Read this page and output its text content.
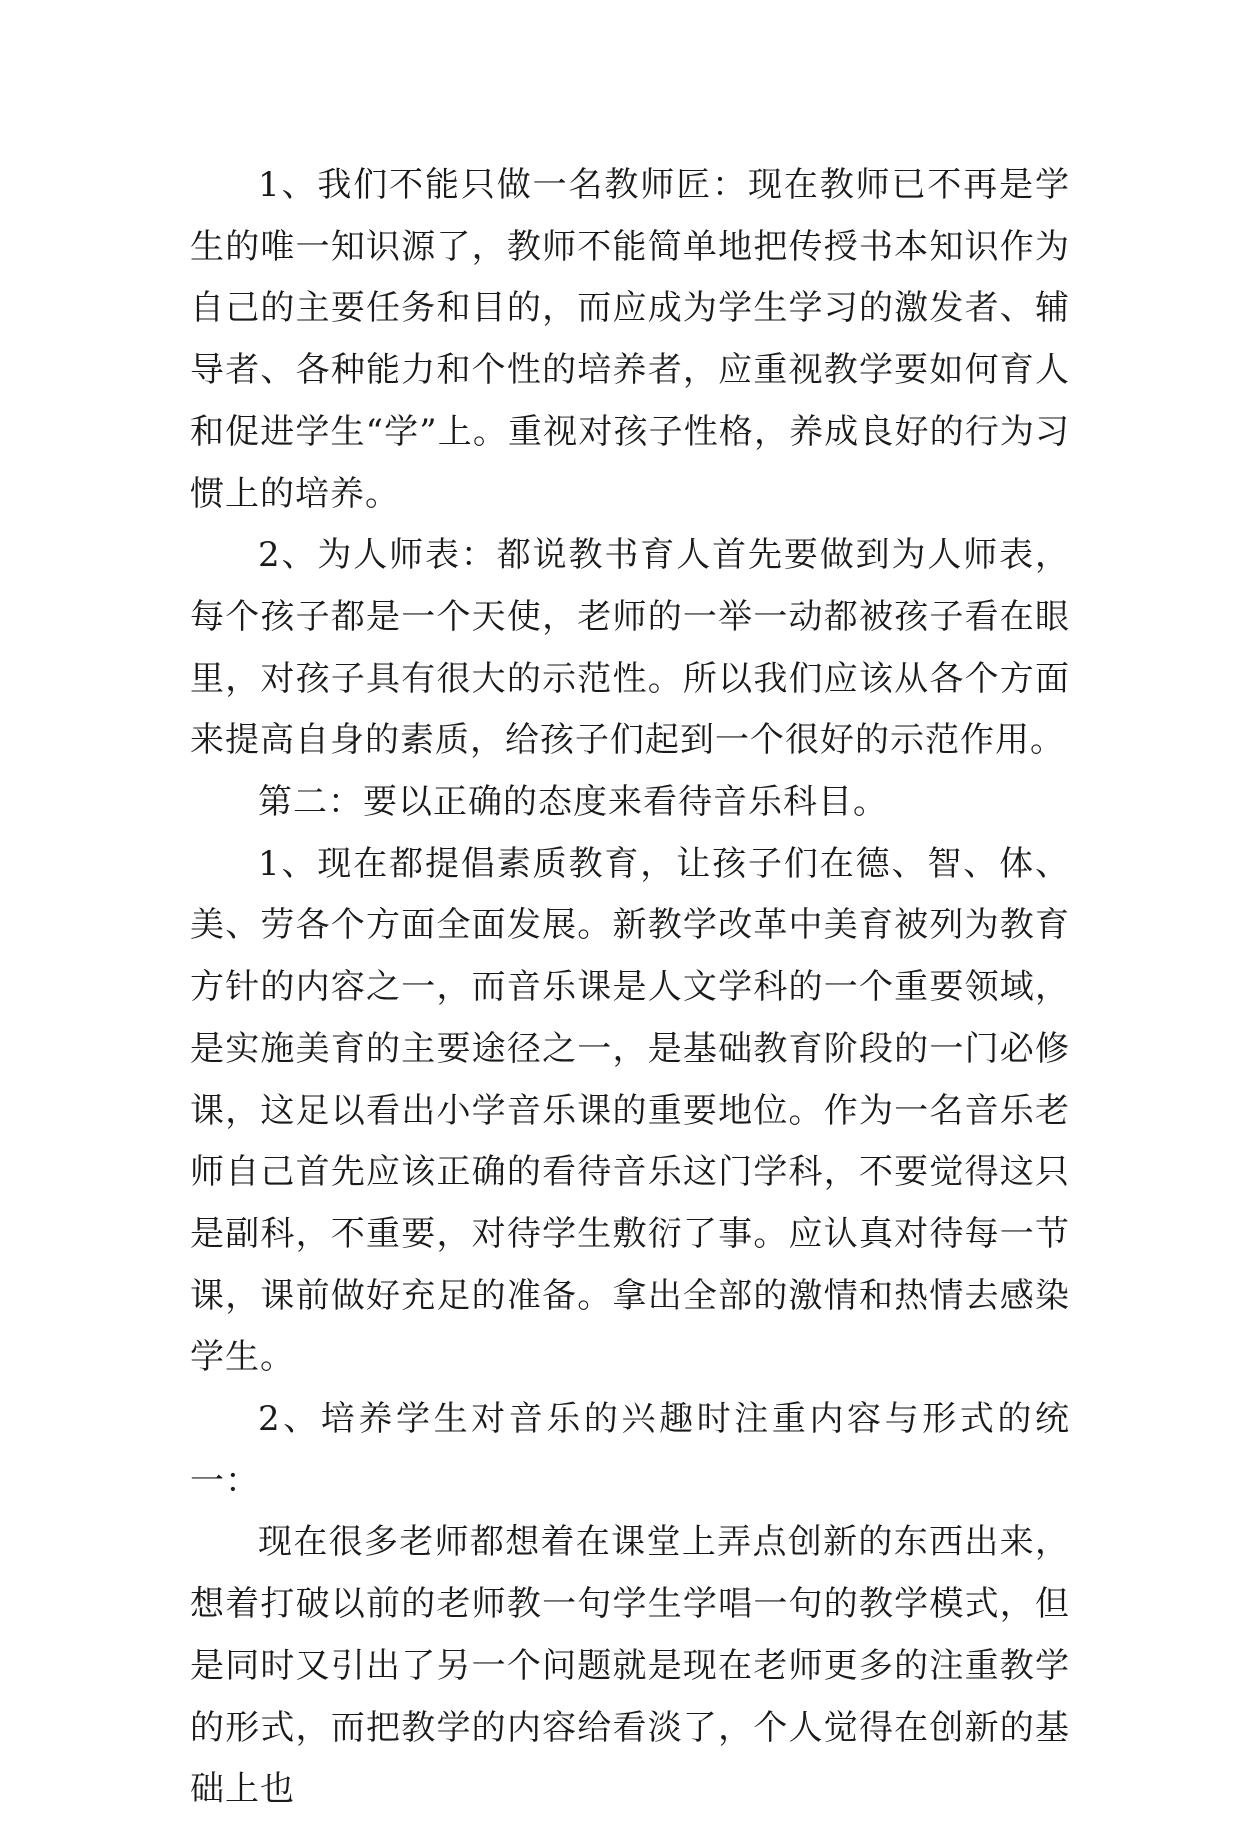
1、我们不能只做一名教师匠：现在教师已不再是学生的唯一知识源了，教师不能简单地把传授书本知识作为自己的主要任务和目的，而应成为学生学习的激发者、辅导者、各种能力和个性的培养者，应重视教学要如何育人和促进学生“学”上。重视对孩子性格，养成良好的行为习惯上的培养。

2、为人师表：都说教书育人首先要做到为人师表，每个孩子都是一个天使，老师的一举一动都被孩子看在眼里，对孩子具有很大的示范性。所以我们应该从各个方面来提高自身的素质，给孩子们起到一个很好的示范作用。

第二：要以正确的态度来看待音乐科目。

1、现在都提倡素质教育，让孩子们在德、智、体、美、劳各个方面全面发展。新教学改革中美育被列为教育方针的内容之一，而音乐课是人文学科的一个重要领域，是实施美育的主要途径之一，是基础教育阶段的一门必修课，这足以看出小学音乐课的重要地位。作为一名音乐老师自己首先应该正确的看待音乐这门学科，不要觉得这只是副科，不重要，对待学生敷衍了事。应认真对待每一节课，课前做好充足的准备。拿出全部的激情和热情去感染学生。

2、培养学生对音乐的兴趣时注重内容与形式的统一：

现在很多老师都想着在课堂上弄点创新的东西出来，想着打破以前的老师教一句学生学唱一句的教学模式，但是同时又引出了另一个问题就是现在老师更多的注重教学的形式，而把教学的内容给看淡了，个人觉得在创新的基础上也
